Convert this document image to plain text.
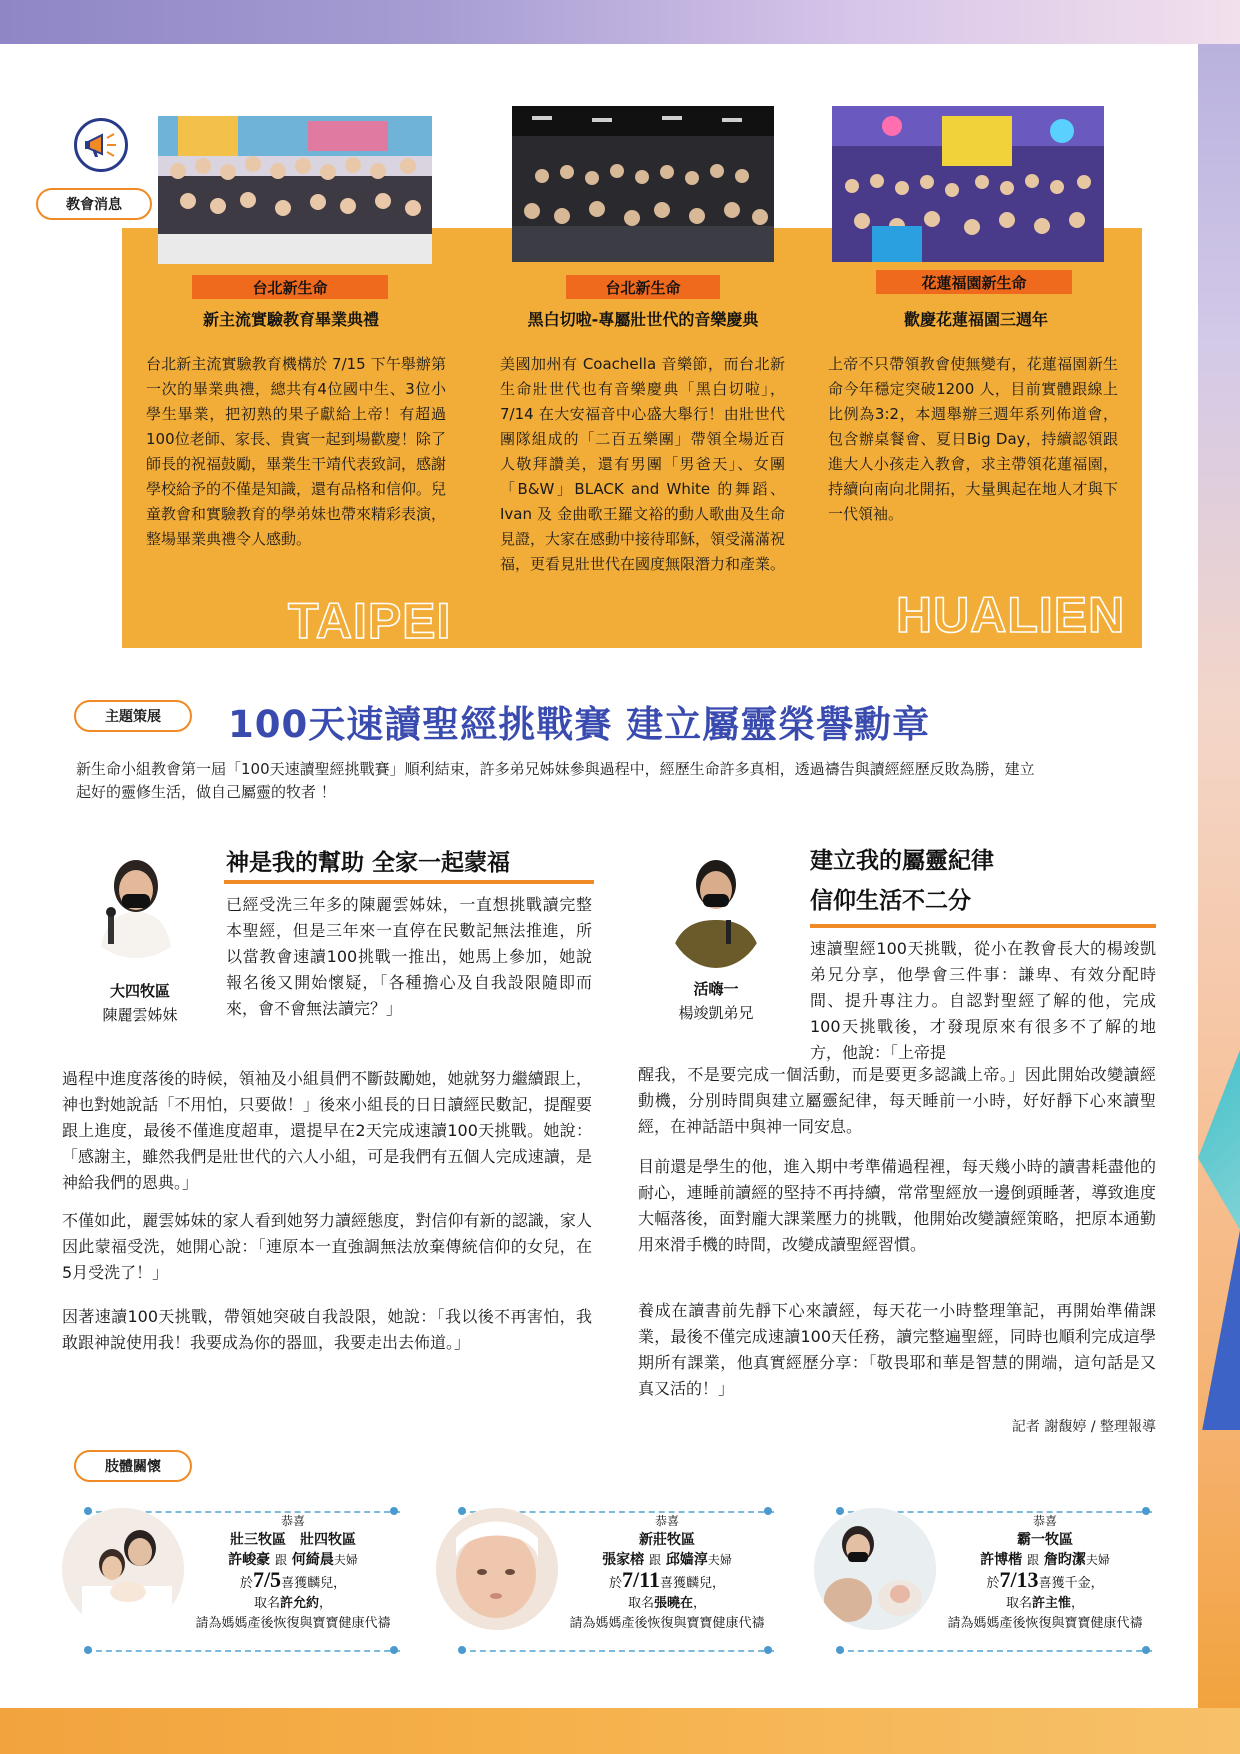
教會消息
台北新生命
新主流實驗教育畢業典禮
台北新主流實驗教育機構於 7/15 下午舉辦第一次的畢業典禮，總共有4位國中生、3位小學生畢業，把初熟的果子獻給上帝！有超過100位老師、家長、貴賓一起到場歡慶！除了師長的祝福鼓勵，畢業生干靖代表致詞，感謝學校給予的不僅是知識，還有品格和信仰。兒童教會和實驗教育的學弟妹也帶來精彩表演，整場畢業典禮令人感動。
TAIPEI
台北新生命
黑白切啦-專屬壯世代的音樂慶典
美國加州有 Coachella 音樂節，而台北新生命壯世代也有音樂慶典「黑白切啦」，7/14 在大安福音中心盛大舉行！由壯世代團隊組成的「二百五樂團」帶領全場近百 人敬拜讚美，還有男團「男爸天」、女團「B&W」BLACK and White 的舞蹈、Ivan 及 金曲歌王羅文裕的動人歌曲及生命見證，大家在感動中接待耶穌，領受滿滿祝福，更看見壯世代在國度無限潛力和產業。
花蓮福園新生命
歡慶花蓮福園三週年
上帝不只帶領教會使無變有，花蓮福園新生命今年穩定突破1200 人，目前實體跟線上比例為3:2，本週舉辦三週年系列佈道會，包含辦桌餐會、夏日Big Day，持續認領跟進大人小孩走入教會，求主帶領花蓮福園，持續向南向北開拓，大量興起在地人才與下一代領袖。
HUALIEN
主題策展	100天速讀聖經挑戰賽 建立屬靈榮譽勳章
新生命小組教會第一屆「100天速讀聖經挑戰賽」順利結束，許多弟兄姊妹參與過程中，經歷生命許多真相，透過禱告與讀經經歷反敗為勝，建立起好的靈修生活，做自己屬靈的牧者 ！
神是我的幫助 全家一起蒙福
大四牧區
陳麗雲姊妹
已經受洗三年多的陳麗雲姊妹，一直想挑戰讀完整本聖經，但是三年來一直停在民數記無法推進，所以當教會速讀100挑戰一推出，她馬上參加，她說報名後又開始懷疑，「各種擔心及自我設限隨即而來，會不會無法讀完？」
過程中進度落後的時候，領袖及小組員們不斷鼓勵她，她就努力繼續跟上，神也對她說話「不用怕，只要做！」後來小組長的日日讀經民數記，提醒要跟上進度，最後不僅進度超車，還提早在2天完成速讀100天挑戰。她說：「感謝主，雖然我們是壯世代的六人小組，可是我們有五個人完成速讀，是神給我們的恩典。」
不僅如此，麗雲姊妹的家人看到她努力讀經態度，對信仰有新的認識，家人因此蒙福受洗，她開心說：「連原本一直強調無法放棄傳統信仰的女兒，在5月受洗了！」
因著速讀100天挑戰，帶領她突破自我設限，她說：「我以後不再害怕，我敢跟神說使用我！我要成為你的器皿，我要走出去佈道。」
建立我的屬靈紀律
信仰生活不二分
活嗨一
楊竣凱弟兄
速讀聖經100天挑戰，從小在教會長大的楊竣凱弟兄分享，他學會三件事：謙卑、有效分配時間、提升專注力。自認對聖經了解的他，完成100天挑戰後，才發現原來有很多不了解的地方，他說：「上帝提
醒我，不是要完成一個活動，而是要更多認識上帝。」因此開始改變讀經動機，分別時間與建立屬靈紀律，每天睡前一小時，好好靜下心來讀聖經，在神話語中與神一同安息。
目前還是學生的他，進入期中考準備過程裡，每天幾小時的讀書耗盡他的耐心，連睡前讀經的堅持不再持續，常常聖經放一邊倒頭睡著，導致進度大幅落後，面對龐大課業壓力的挑戰，他開始改變讀經策略，把原本通勤用來滑手機的時間，改變成讀聖經習慣。
養成在讀書前先靜下心來讀經，每天花一小時整理筆記，再開始準備課業，最後不僅完成速讀100天任務，讀完整遍聖經，同時也順利完成這學期所有課業，他真實經歷分享：「敬畏耶和華是智慧的開端，這句話是又真又活的！」
記者 謝馥婷 / 整理報導
肢體關懷
恭喜
壯三牧區　壯四牧區
許峻豪 跟 何綺晨夫婦
於7/5喜獲麟兒，
取名許允約，
請為媽媽產後恢復與寶寶健康代禱
恭喜
新莊牧區
張家榕 跟 邱嫱淳夫婦
於7/11喜獲麟兒，
取名張曉在，
請為媽媽產後恢復與寶寶健康代禱
恭喜
霸一牧區
許博楷 跟 詹昀潔夫婦
於7/13喜獲千金，
取名許主惟，
請為媽媽產後恢復與寶寶健康代禱
